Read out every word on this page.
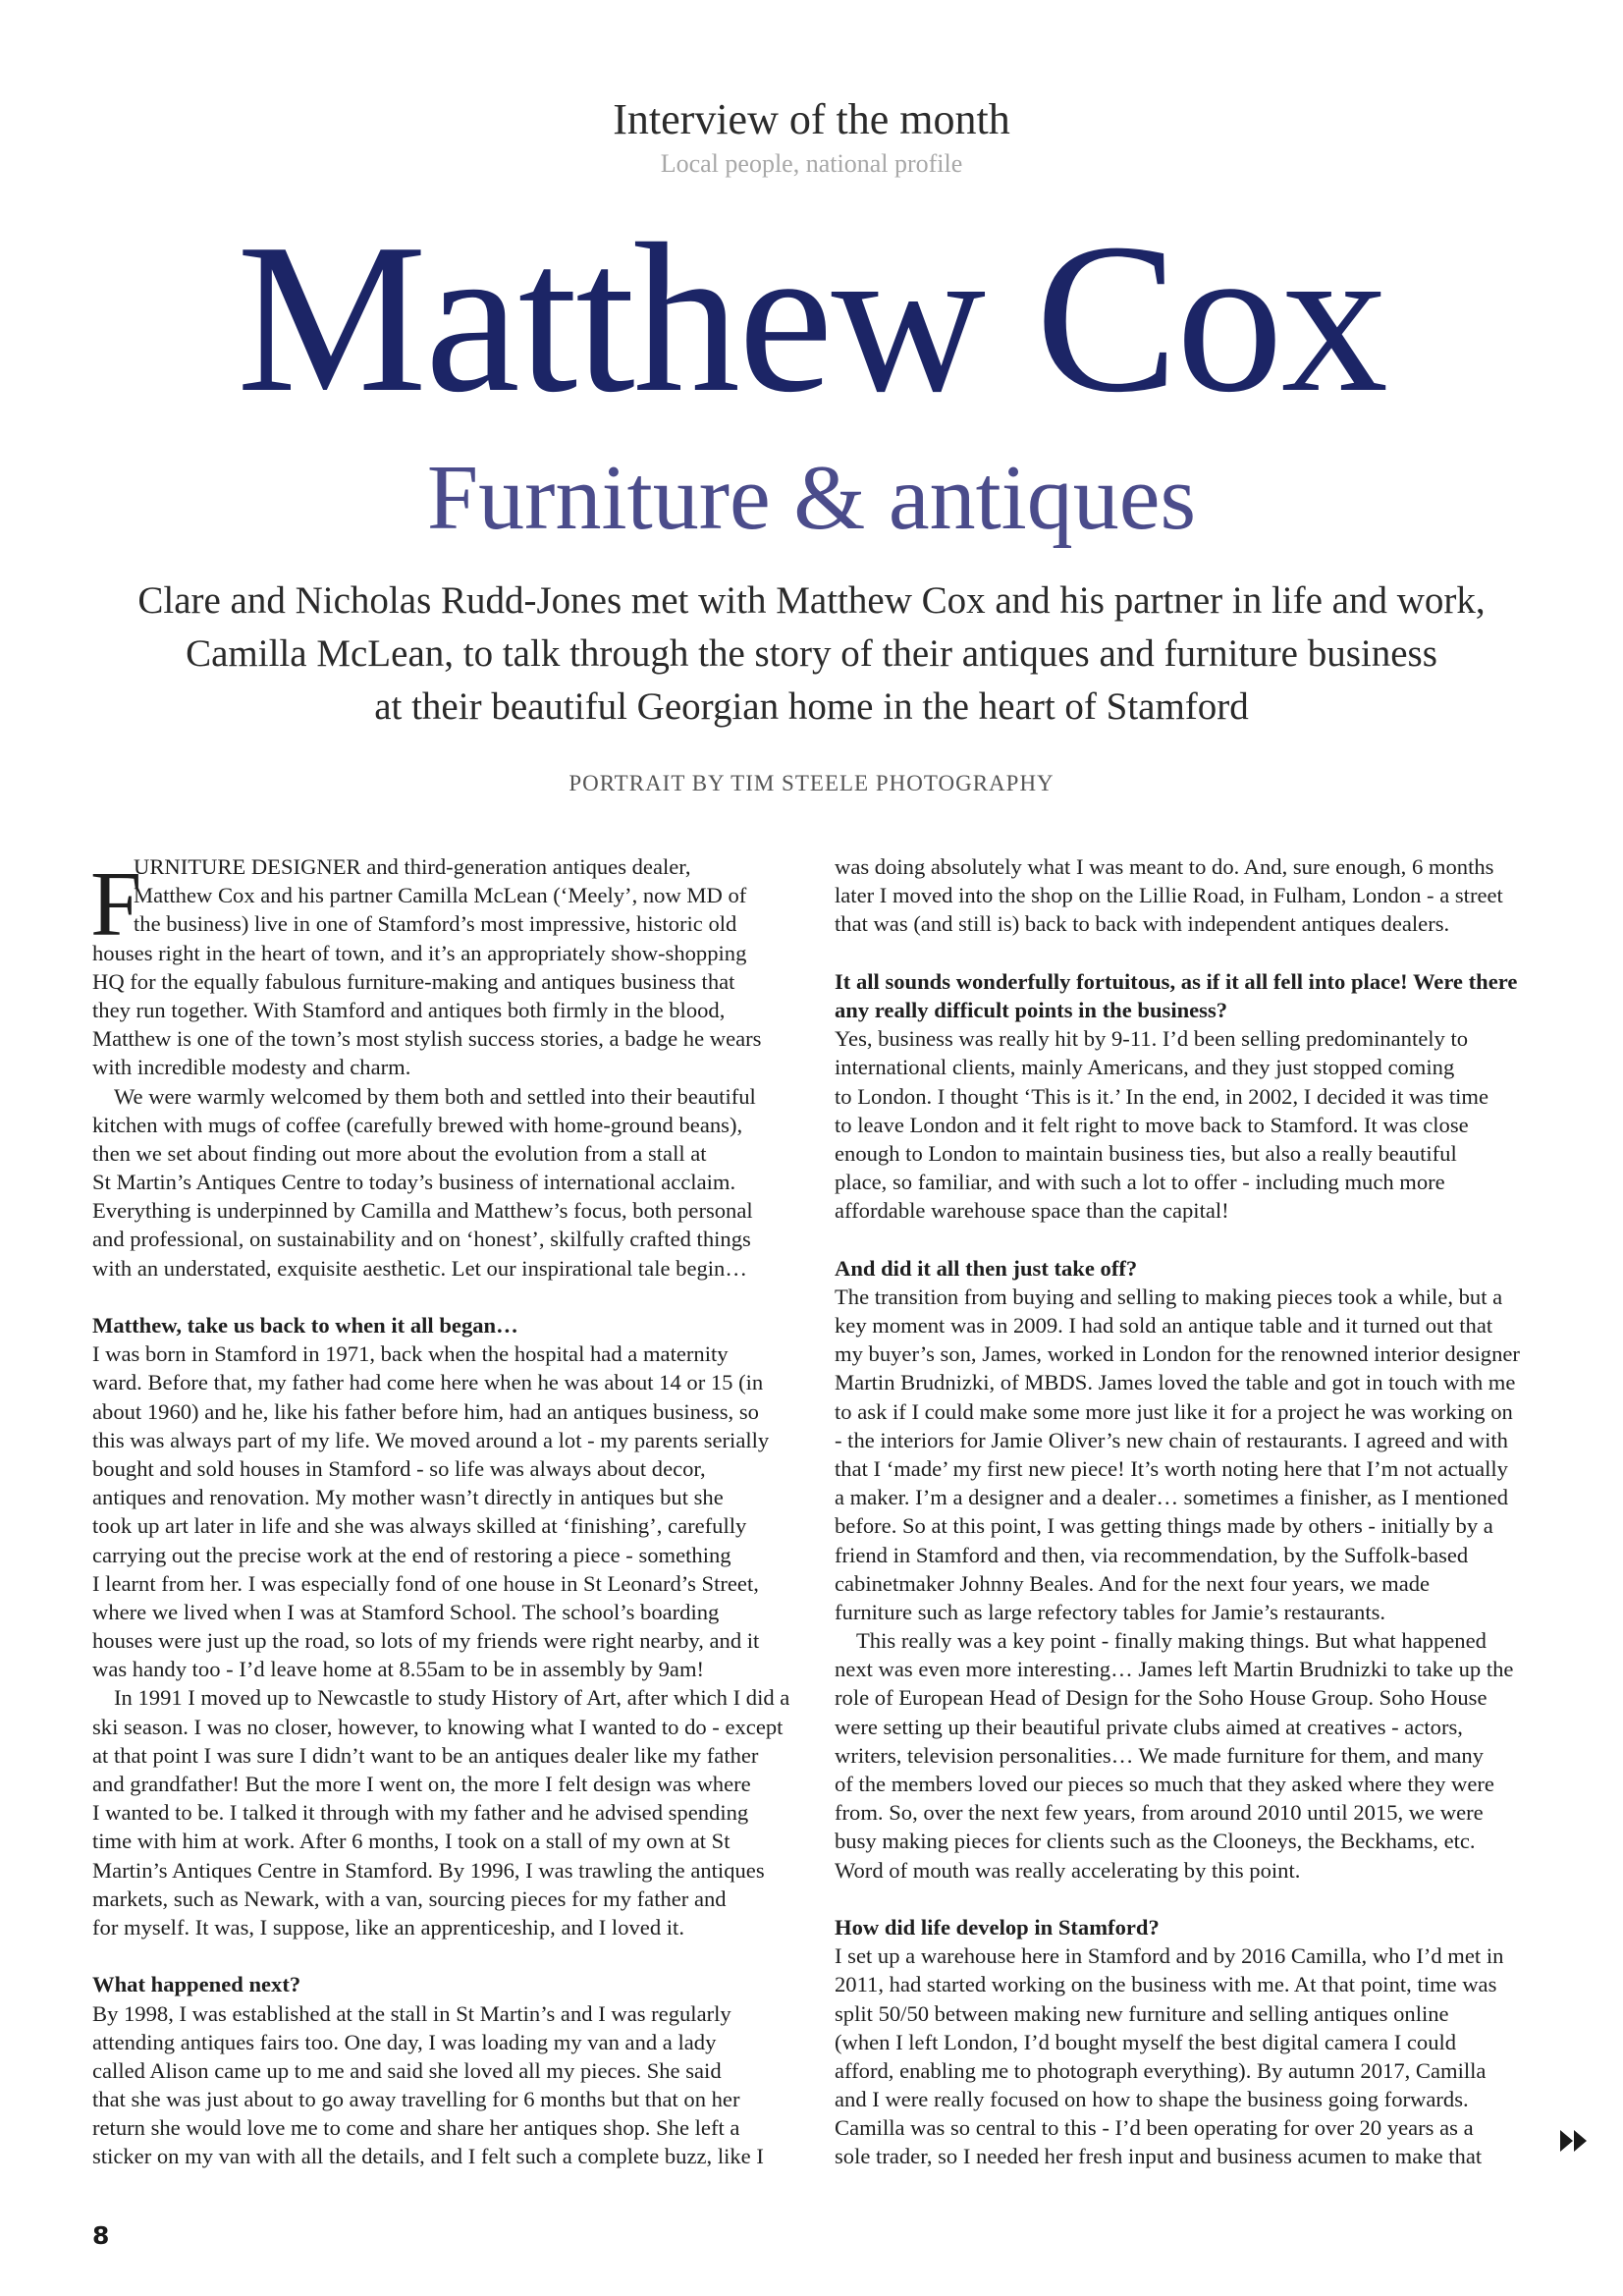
Interview of the month
Local people, national profile
Matthew Cox
Furniture & antiques
Clare and Nicholas Rudd-Jones met with Matthew Cox and his partner in life and work,
Camilla McLean, to talk through the story of their antiques and furniture business
at their beautiful Georgian home in the heart of Stamford
PORTRAIT BY TIM STEELE PHOTOGRAPHY
F
URNITURE DESIGNER and third-generation antiques dealer,
Matthew Cox and his partner Camilla McLean (‘Meely’, now MD of
the business) live in one of Stamford’s most impressive, historic old
houses right in the heart of town, and it’s an appropriately show-shopping
HQ for the equally fabulous furniture-making and antiques business that
they run together. With Stamford and antiques both firmly in the blood,
Matthew is one of the town’s most stylish success stories, a badge he wears
with incredible modesty and charm.
We were warmly welcomed by them both and settled into their beautiful
kitchen with mugs of coffee (carefully brewed with home-ground beans),
then we set about finding out more about the evolution from a stall at
St Martin’s Antiques Centre to today’s business of international acclaim.
Everything is underpinned by Camilla and Matthew’s focus, both personal
and professional, on sustainability and on ‘honest’, skilfully crafted things
with an understated, exquisite aesthetic. Let our inspirational tale begin…
Matthew, take us back to when it all began…
I was born in Stamford in 1971, back when the hospital had a maternity
ward. Before that, my father had come here when he was about 14 or 15 (in
about 1960) and he, like his father before him, had an antiques business, so
this was always part of my life. We moved around a lot - my parents serially
bought and sold houses in Stamford - so life was always about decor,
antiques and renovation. My mother wasn’t directly in antiques but she
took up art later in life and she was always skilled at ‘finishing’, carefully
carrying out the precise work at the end of restoring a piece - something
I learnt from her. I was especially fond of one house in St Leonard’s Street,
where we lived when I was at Stamford School. The school’s boarding
houses were just up the road, so lots of my friends were right nearby, and it
was handy too - I’d leave home at 8.55am to be in assembly by 9am!
In 1991 I moved up to Newcastle to study History of Art, after which I did a
ski season. I was no closer, however, to knowing what I wanted to do - except
at that point I was sure I didn’t want to be an antiques dealer like my father
and grandfather! But the more I went on, the more I felt design was where
I wanted to be. I talked it through with my father and he advised spending
time with him at work. After 6 months, I took on a stall of my own at St
Martin’s Antiques Centre in Stamford. By 1996, I was trawling the antiques
markets, such as Newark, with a van, sourcing pieces for my father and
for myself. It was, I suppose, like an apprenticeship, and I loved it.
What happened next?
By 1998, I was established at the stall in St Martin’s and I was regularly
attending antiques fairs too. One day, I was loading my van and a lady
called Alison came up to me and said she loved all my pieces. She said
that she was just about to go away travelling for 6 months but that on her
return she would love me to come and share her antiques shop. She left a
sticker on my van with all the details, and I felt such a complete buzz, like I
was doing absolutely what I was meant to do. And, sure enough, 6 months
later I moved into the shop on the Lillie Road, in Fulham, London - a street
that was (and still is) back to back with independent antiques dealers.
It all sounds wonderfully fortuitous, as if it all fell into place! Were there
any really difficult points in the business?
Yes, business was really hit by 9-11. I’d been selling predominantely to
international clients, mainly Americans, and they just stopped coming
to London. I thought ‘This is it.’ In the end, in 2002, I decided it was time
to leave London and it felt right to move back to Stamford. It was close
enough to London to maintain business ties, but also a really beautiful
place, so familiar, and with such a lot to offer - including much more
affordable warehouse space than the capital!
And did it all then just take off?
The transition from buying and selling to making pieces took a while, but a
key moment was in 2009. I had sold an antique table and it turned out that
my buyer’s son, James, worked in London for the renowned interior designer
Martin Brudnizki, of MBDS. James loved the table and got in touch with me
to ask if I could make some more just like it for a project he was working on
- the interiors for Jamie Oliver’s new chain of restaurants. I agreed and with
that I ‘made’ my first new piece! It’s worth noting here that I’m not actually
a maker. I’m a designer and a dealer… sometimes a finisher, as I mentioned
before. So at this point, I was getting things made by others - initially by a
friend in Stamford and then, via recommendation, by the Suffolk-based
cabinetmaker Johnny Beales. And for the next four years, we made
furniture such as large refectory tables for Jamie’s restaurants.
This really was a key point - finally making things. But what happened
next was even more interesting… James left Martin Brudnizki to take up the
role of European Head of Design for the Soho House Group. Soho House
were setting up their beautiful private clubs aimed at creatives - actors,
writers, television personalities… We made furniture for them, and many
of the members loved our pieces so much that they asked where they were
from. So, over the next few years, from around 2010 until 2015, we were
busy making pieces for clients such as the Clooneys, the Beckhams, etc.
Word of mouth was really accelerating by this point.
How did life develop in Stamford?
I set up a warehouse here in Stamford and by 2016 Camilla, who I’d met in
2011, had started working on the business with me. At that point, time was
split 50/50 between making new furniture and selling antiques online
(when I left London, I’d bought myself the best digital camera I could
afford, enabling me to photograph everything). By autumn 2017, Camilla
and I were really focused on how to shape the business going forwards.
Camilla was so central to this - I’d been operating for over 20 years as a
sole trader, so I needed her fresh input and business acumen to make that
8
